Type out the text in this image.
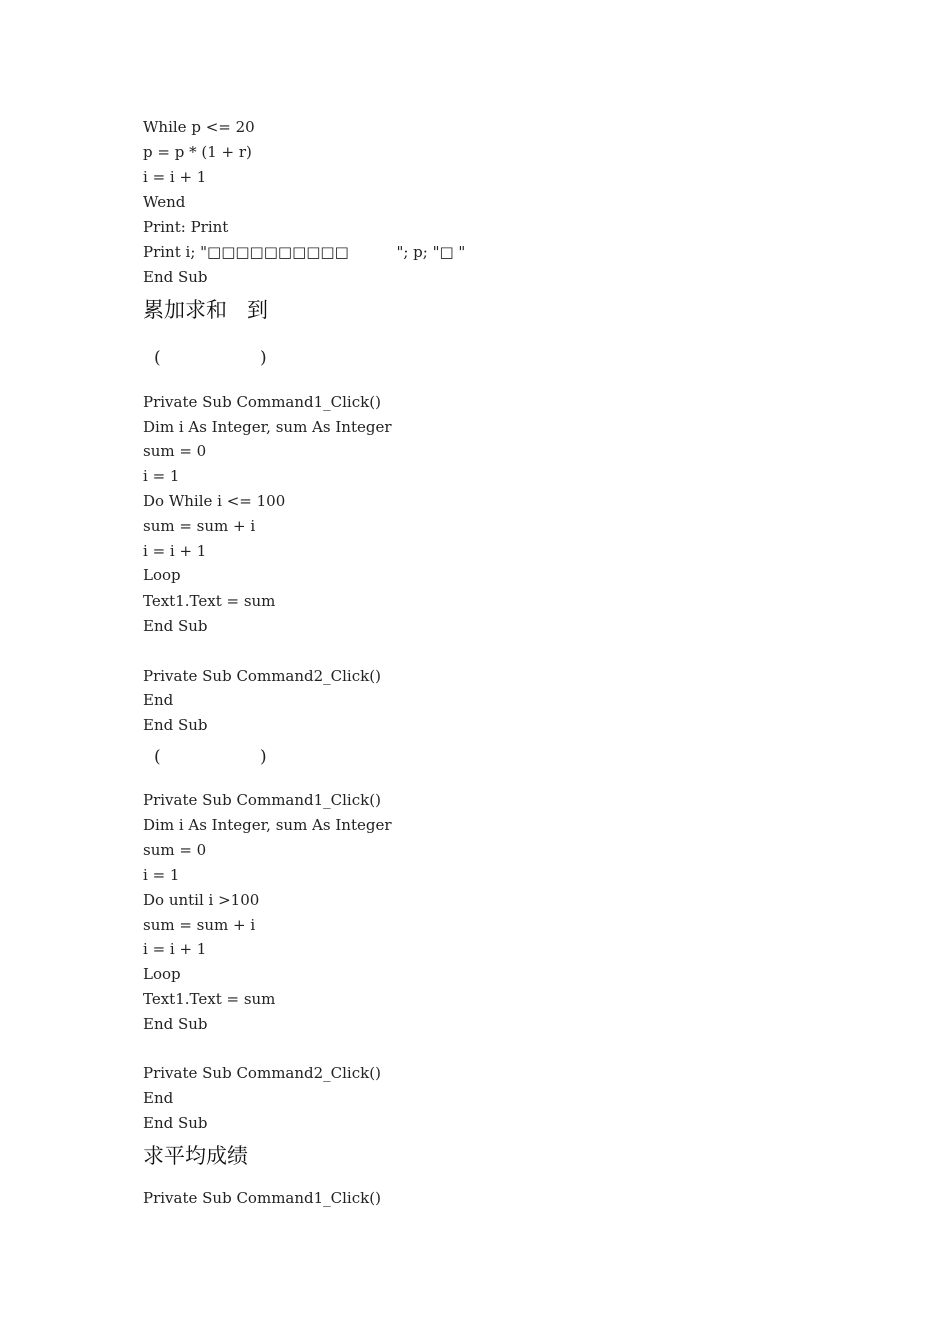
While p <= 20
p = p * (1 + r)
i = i + 1
Wend
Print: Print
Print i; "□□□□□□□□□□          "; p; "□ "
End Sub
累加求和   到
(	)
Private Sub Command1_Click()
Dim i As Integer, sum As Integer
sum = 0
i = 1
Do While i <= 100
sum = sum + i
i = i + 1
Loop
Text1.Text = sum
End Sub
Private Sub Command2_Click()
End
End Sub
(	)
Private Sub Command1_Click()
Dim i As Integer, sum As Integer
sum = 0
i = 1
Do until i >100
sum = sum + i
i = i + 1
Loop
Text1.Text = sum
End Sub
Private Sub Command2_Click()
End
End Sub
求平均成绩
Private Sub Command1_Click()
